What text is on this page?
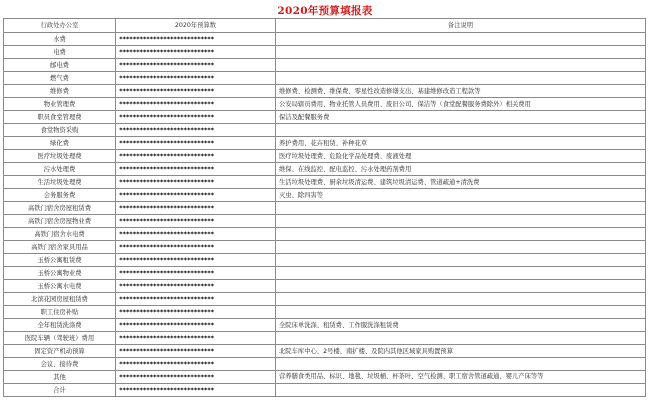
2020年预算填报表
行政处办公室	2020年预算数	备注说明
水费	****************************	
电费	****************************	
邮电费	****************************	
燃气费	****************************	
维修费	****************************	维修费、检测费、维保费、零星性改造修缮支出、基建维修改造工程款等
物业管理费	****************************	公安局辖员费用、物业托管人员费用、废旧公司、保洁等（食堂配餐服务费除外）相关费用
职员食堂管理费	****************************	保洁及配餐服务费
食堂物资采购	****************************	
绿化费	****************************	养护费用、花卉租赁、补种花草
医疗垃圾处理费	****************************	医疗垃圾处理费、危险化学品处理费、废液处理
污水处理费	****************************	维保、在线监控、配电监控、污水处理药剂费用
生活垃圾处理费	****************************	生活垃圾处理费、厨余垃圾清运费、建筑垃圾清运费、管道疏通+清洗费
会务服务费	****************************	灭虫、除四害等
高铁门宿舍房屋租赁费	****************************	
高铁门宿舍房屋物业费	****************************	
高铁门宿舍水电费	****************************	
高铁门宿舍家具用品	****************************	
玉桥公寓租赁费	****************************	
玉桥公寓物业费	****************************	
玉桥公寓水电费	****************************	
北滨花园房屋租赁费	****************************	
职工住房补贴	****************************	
全年租赁洗涤费	****************************	全院床单洗涤、租赁费、工作服洗涤租赁费
医院车辆（驾驶班）费用	****************************	
固定资产机动预算	****************************	北院车库中心、2号楼、南扩楼、及院内其他区域家具购置预算
会议、接待费	****************************	
其他	****************************	营养膳食类用品、标识、地毯、垃圾桶、杯茶叶、空气检测、职工宿舍管道疏通、婴儿产床等等
合计	****************************	
